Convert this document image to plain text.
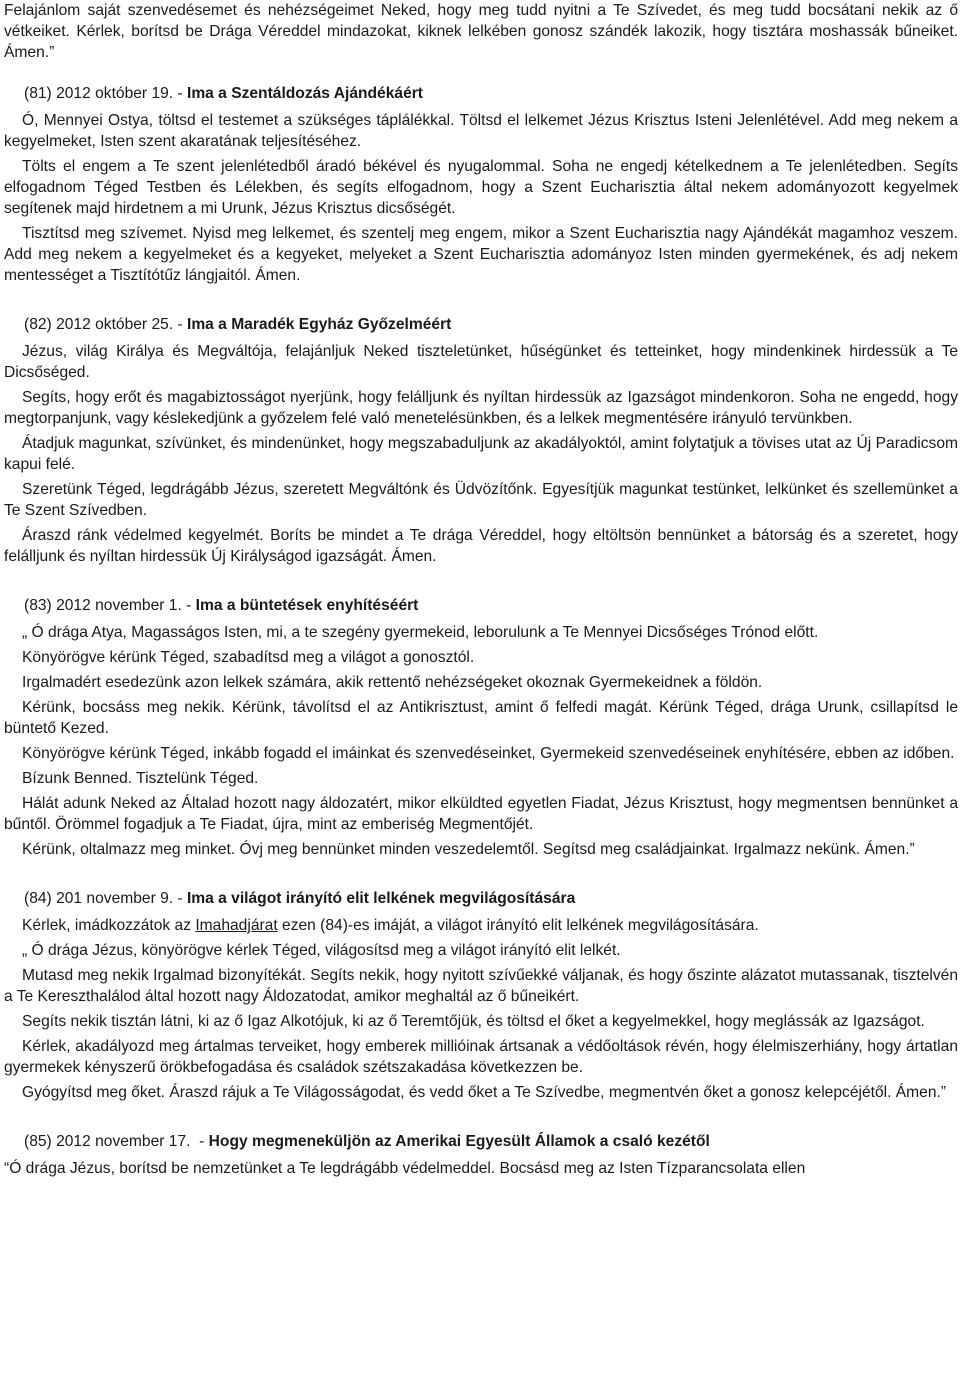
Felajánlom saját szenvedésemet és nehézségeimet Neked, hogy meg tudd nyitni a Te Szívedet, és meg tudd bocsátani nekik az ő vétkeiket. Kérlek, borítsd be Drága Véreddel mindazokat, kiknek lelkében gonosz szándék lakozik, hogy tisztára moshassák bűneiket. Ámen.”

(81) 2012 október 19. - Ima a Szentáldozás Ajándékáért

Ó, Mennyei Ostya, töltsd el testemet a szükséges táplálékkal. Töltsd el lelkemet Jézus Krisztus Isteni Jelenlétével. Add meg nekem a kegyelmeket, Isten szent akaratának teljesítéséhez.

Tölts el engem a Te szent jelenlétedből áradó békével és nyugalommal. Soha ne engedj kételkednem a Te jelenlétedben. Segíts elfogadnom Téged Testben és Lélekben, és segíts elfogadnom, hogy a Szent Eucharisztia által nekem adományozott kegyelmek segítenek majd hirdetnem a mi Urunk, Jézus Krisztus dicsőségét.

Tisztítsd meg szívemet. Nyisd meg lelkemet, és szentelj meg engem, mikor a Szent Eucharisztia nagy Ajándékát magamhoz veszem. Add meg nekem a kegyelmeket és a kegyeket, melyeket a Szent Eucharisztia adományoz Isten minden gyermekének, és adj nekem mentességet a Tisztítótűz lángjaitól. Ámen.

(82) 2012 október 25. - Ima a Maradék Egyház Győzelméért

Jézus, világ Királya és Megváltója, felajánljuk Neked tiszteletünket, hűségünket és tetteinket, hogy mindenkinek hirdessük a Te Dicsőséged.

Segíts, hogy erőt és magabiztosságot nyerjünk, hogy felálljunk és nyíltan hirdessük az Igazságot mindenkoron. Soha ne engedd, hogy megtorpanjunk, vagy késlekedjünk a győzelem felé való menetelésünkben, és a lelkek megmentésére irányuló tervünkben.

Átadjuk magunkat, szívünket, és mindenünket, hogy megszabaduljunk az akadályoktól, amint folytatjuk a tövises utat az Új Paradicsom kapui felé.

Szeretünk Téged, legdrágább Jézus, szeretett Megváltónk és Üdvözítőnk. Egyesítjük magunkat testünket, lelkünket és szellemünket a Te Szent Szívedben.

Áraszd ránk védelmed kegyelmét. Boríts be mindet a Te drága Véreddel, hogy eltöltsön bennünket a bátorság és a szeretet, hogy felálljunk és nyíltan hirdessük Új Királyságod igazságát. Ámen.

(83) 2012 november 1. - Ima a büntetések enyhítéséért

„ Ó drága Atya, Magasságos Isten, mi, a te szegény gyermekeid, leborulunk a Te Mennyei Dicsőséges Trónod előtt.

Könyörögve kérünk Téged, szabadítsd meg a világot a gonosztól.

Irgalmadért esedezünk azon lelkek számára, akik rettentő nehézségeket okoznak Gyermekeidnek a földön.

Kérünk, bocsáss meg nekik. Kérünk, távolítsd el az Antikrisztust, amint ő felfedi magát. Kérünk Téged, drága Urunk, csillapítsd le büntető Kezed.

Könyörögve kérünk Téged, inkább fogadd el imáinkat és szenvedéseinket, Gyermekeid szenvedéseinek enyhítésére, ebben az időben.

Bízunk Benned. Tisztelünk Téged.

Hálát adunk Neked az Általad hozott nagy áldozatért, mikor elküldted egyetlen Fiadat, Jézus Krisztust, hogy megmentsen bennünket a bűntől. Örömmel fogadjuk a Te Fiadat, újra, mint az emberiség Megmentőjét.

Kérünk, oltalmazz meg minket. Óvj meg bennünket minden veszedelemtől. Segítsd meg családjainkat. Irgalmazz nekünk. Ámen.”

(84) 201 november 9. - Ima a világot irányító elit lelkének megvilágosítására

Kérlek, imádkozzátok az Imahadjárat ezen (84)-es imáját, a világot irányító elit lelkének megvilágosítására.

„ Ó drága Jézus, könyörögve kérlek Téged, világosítsd meg a világot irányító elit lelkét.

Mutasd meg nekik Irgalmad bizonyítékát. Segíts nekik, hogy nyitott szívűekké váljanak, és hogy őszinte alázatot mutassanak, tisztelvén a Te Kereszthalálod által hozott nagy Áldozatodat, amikor meghaltál az ő bűneikért.

Segíts nekik tisztán látni, ki az ő Igaz Alkotójuk, ki az ő Teremtőjük, és töltsd el őket a kegyelmekkel, hogy meglássák az Igazságot.

Kérlek, akadályozd meg ártalmas terveiket, hogy emberek millióinak ártsanak a védőoltások révén, hogy élelmiszerhiány, hogy ártatlan gyermekek kényszerű örökbefogadása és családok szétszakadása következzen be.

Gyógyítsd meg őket. Áraszd rájuk a Te Világosságodat, és vedd őket a Te Szívedbe, megmentvén őket a gonosz kelepcéjétől. Ámen.”

(85) 2012 november 17.  - Hogy megmeneküljön az Amerikai Egyesült Államok a csaló kezétől

“Ó drága Jézus, borítsd be nemzetünket a Te legdrágább védelmeddel. Bocsásd meg az Isten Tízparancsolata ellen
